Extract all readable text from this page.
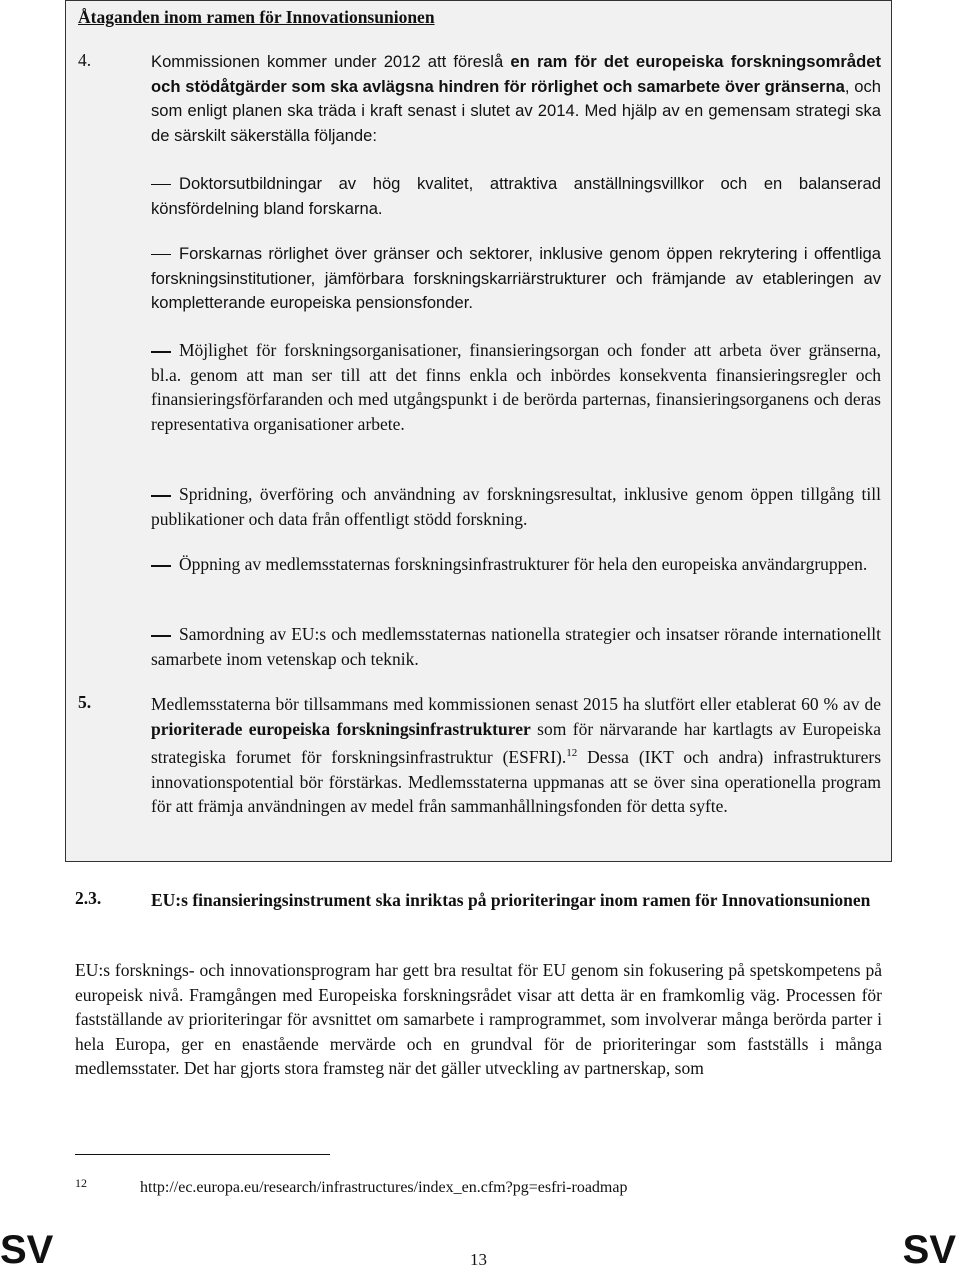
Åtaganden inom ramen för Innovationsunionen
4.	Kommissionen kommer under 2012 att föreslå en ram för det europeiska forskningsområdet och stödåtgärder som ska avlägsna hindren för rörlighet och samarbete över gränserna, och som enligt planen ska träda i kraft senast i slutet av 2014. Med hjälp av en gemensam strategi ska de särskilt säkerställa följande:
Doktorsutbildningar av hög kvalitet, attraktiva anställningsvillkor och en balanserad könsfördelning bland forskarna.
Forskarnas rörlighet över gränser och sektorer, inklusive genom öppen rekrytering i offentliga forskningsinstitutioner, jämförbara forskningskarriärstrukturer och främjande av etableringen av kompletterande europeiska pensionsfonder.
Möjlighet för forskningsorganisationer, finansieringsorgan och fonder att arbeta över gränserna, bl.a. genom att man ser till att det finns enkla och inbördes konsekventa finansieringsregler och finansieringsförfaranden och med utgångspunkt i de berörda parternas, finansieringsorganens och deras representativa organisationer arbete.
Spridning, överföring och användning av forskningsresultat, inklusive genom öppen tillgång till publikationer och data från offentligt stödd forskning.
Öppning av medlemsstaternas forskningsinfrastrukturer för hela den europeiska användargruppen.
Samordning av EU:s och medlemsstaternas nationella strategier och insatser rörande internationellt samarbete inom vetenskap och teknik.
5.	Medlemsstaterna bör tillsammans med kommissionen senast 2015 ha slutfört eller etablerat 60 % av de prioriterade europeiska forskningsinfrastrukturer som för närvarande har kartlagts av Europeiska strategiska forumet för forskningsinfrastruktur (ESFRI).$^{12}$ Dessa (IKT och andra) infrastrukturers innovationspotential bör förstärkas. Medlemsstaterna uppmanas att se över sina operationella program för att främja användningen av medel från sammanhållningsfonden för detta syfte.
2.3.	EU:s finansieringsinstrument ska inriktas på prioriteringar inom ramen för Innovationsunionen
EU:s forsknings- och innovationsprogram har gett bra resultat för EU genom sin fokusering på spetskompetens på europeisk nivå. Framgången med Europeiska forskningsrådet visar att detta är en framkomlig väg. Processen för fastställande av prioriteringar för avsnittet om samarbete i ramprogrammet, som involverar många berörda parter i hela Europa, ger en enastående mervärde och en grundval för de prioriteringar som fastställs i många medlemsstater. Det har gjorts stora framsteg när det gäller utveckling av partnerskap, som
12	http://ec.europa.eu/research/infrastructures/index_en.cfm?pg=esfri-roadmap
SV	13	SV
